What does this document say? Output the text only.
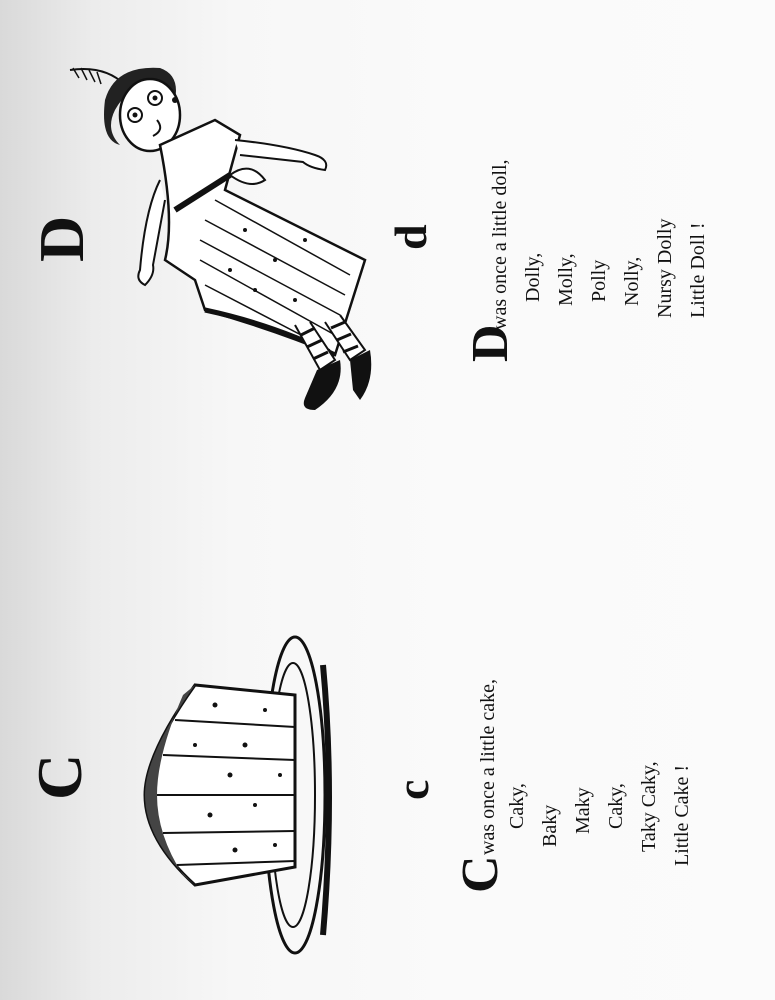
C	c
C
was once a little cake, Caky, Baky Maky Caky, Taky Caky, Little Cake !
D	d
D
was once a little doll, Dolly, Molly, Polly Nolly, Nursy Dolly Little Doll !
